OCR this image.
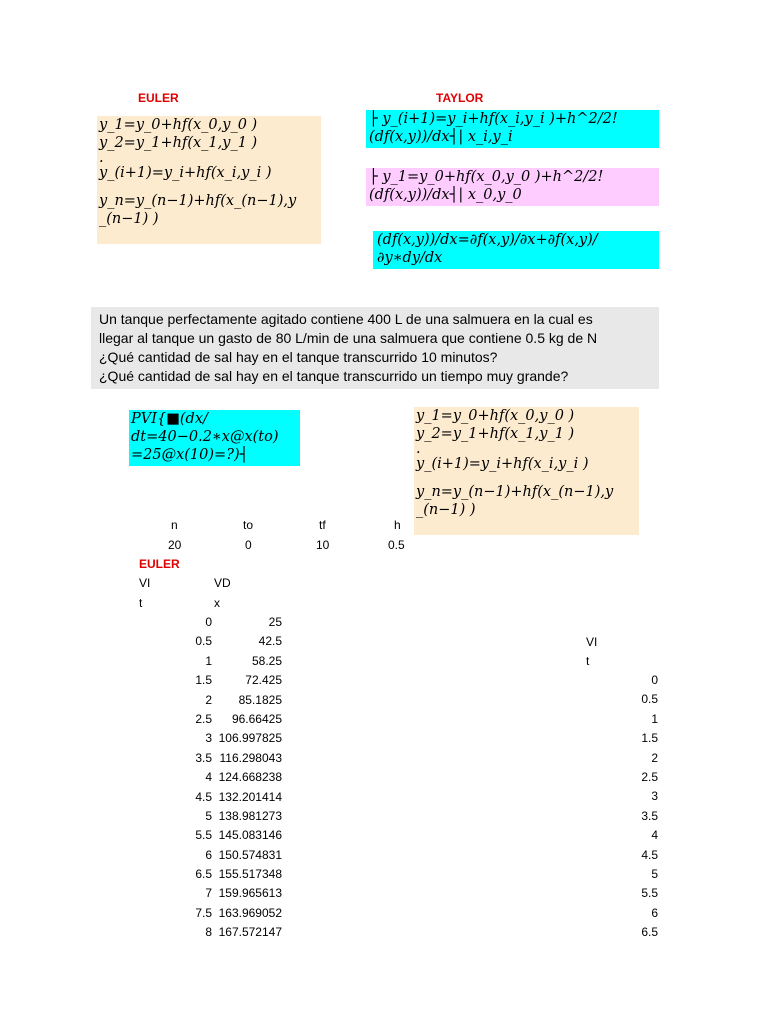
EULER	TAYLOR
y_1=y_0+hf(x_0,y_0 )
y_2=y_1+hf(x_1,y_1 )
.
y_(i+1)=y_i+hf(x_i,y_i )
y_n=y_(n−1)+hf(x_(n−1),y
_(n−1) )
├ y_(i+1)=y_i+hf(x_i,y_i )+h^2/2!
(df(x,y))/dx┤| x_i,y_i
├ y_1=y_0+hf(x_0,y_0 )+h^2/2!
(df(x,y))/dx┤| x_0,y_0
(df(x,y))/dx=∂f(x,y)/∂x+∂f(x,y)/
∂y∗dy/dx
Un tanque perfectamente agitado contiene 400 L de una salmuera en la cual es
llegar al tanque un gasto de 80 L/min de una salmuera que contiene 0.5 kg de N
¿Qué cantidad de sal hay en el tanque transcurrido 10 minutos?
¿Qué cantidad de sal hay en el tanque transcurrido un tiempo muy grande?
PVI{■(dx/
dt=40−0.2∗x@x(to)
=25@x(10)=?)┤
y_1=y_0+hf(x_0,y_0 )
y_2=y_1+hf(x_1,y_1 )
.
y_(i+1)=y_i+hf(x_i,y_i )
y_n=y_(n−1)+hf(x_(n−1),y
_(n−1) )
n	to	tf	h
20	0	10	0.5
EULER
VI	VD
t	x
0	25
0.5	42.5
1	58.25
1.5	72.425
2	85.1825
2.5	96.66425
3 106.997825
3.5 116.298043
4 124.668238
4.5 132.201414
5 138.981273
5.5 145.083146
6 150.574831
6.5 155.517348
7 159.965613
7.5 163.969052
8 167.572147
VI
t
0
0.5
1
1.5
2
2.5
3
3.5
4
4.5
5
5.5
6
6.5
